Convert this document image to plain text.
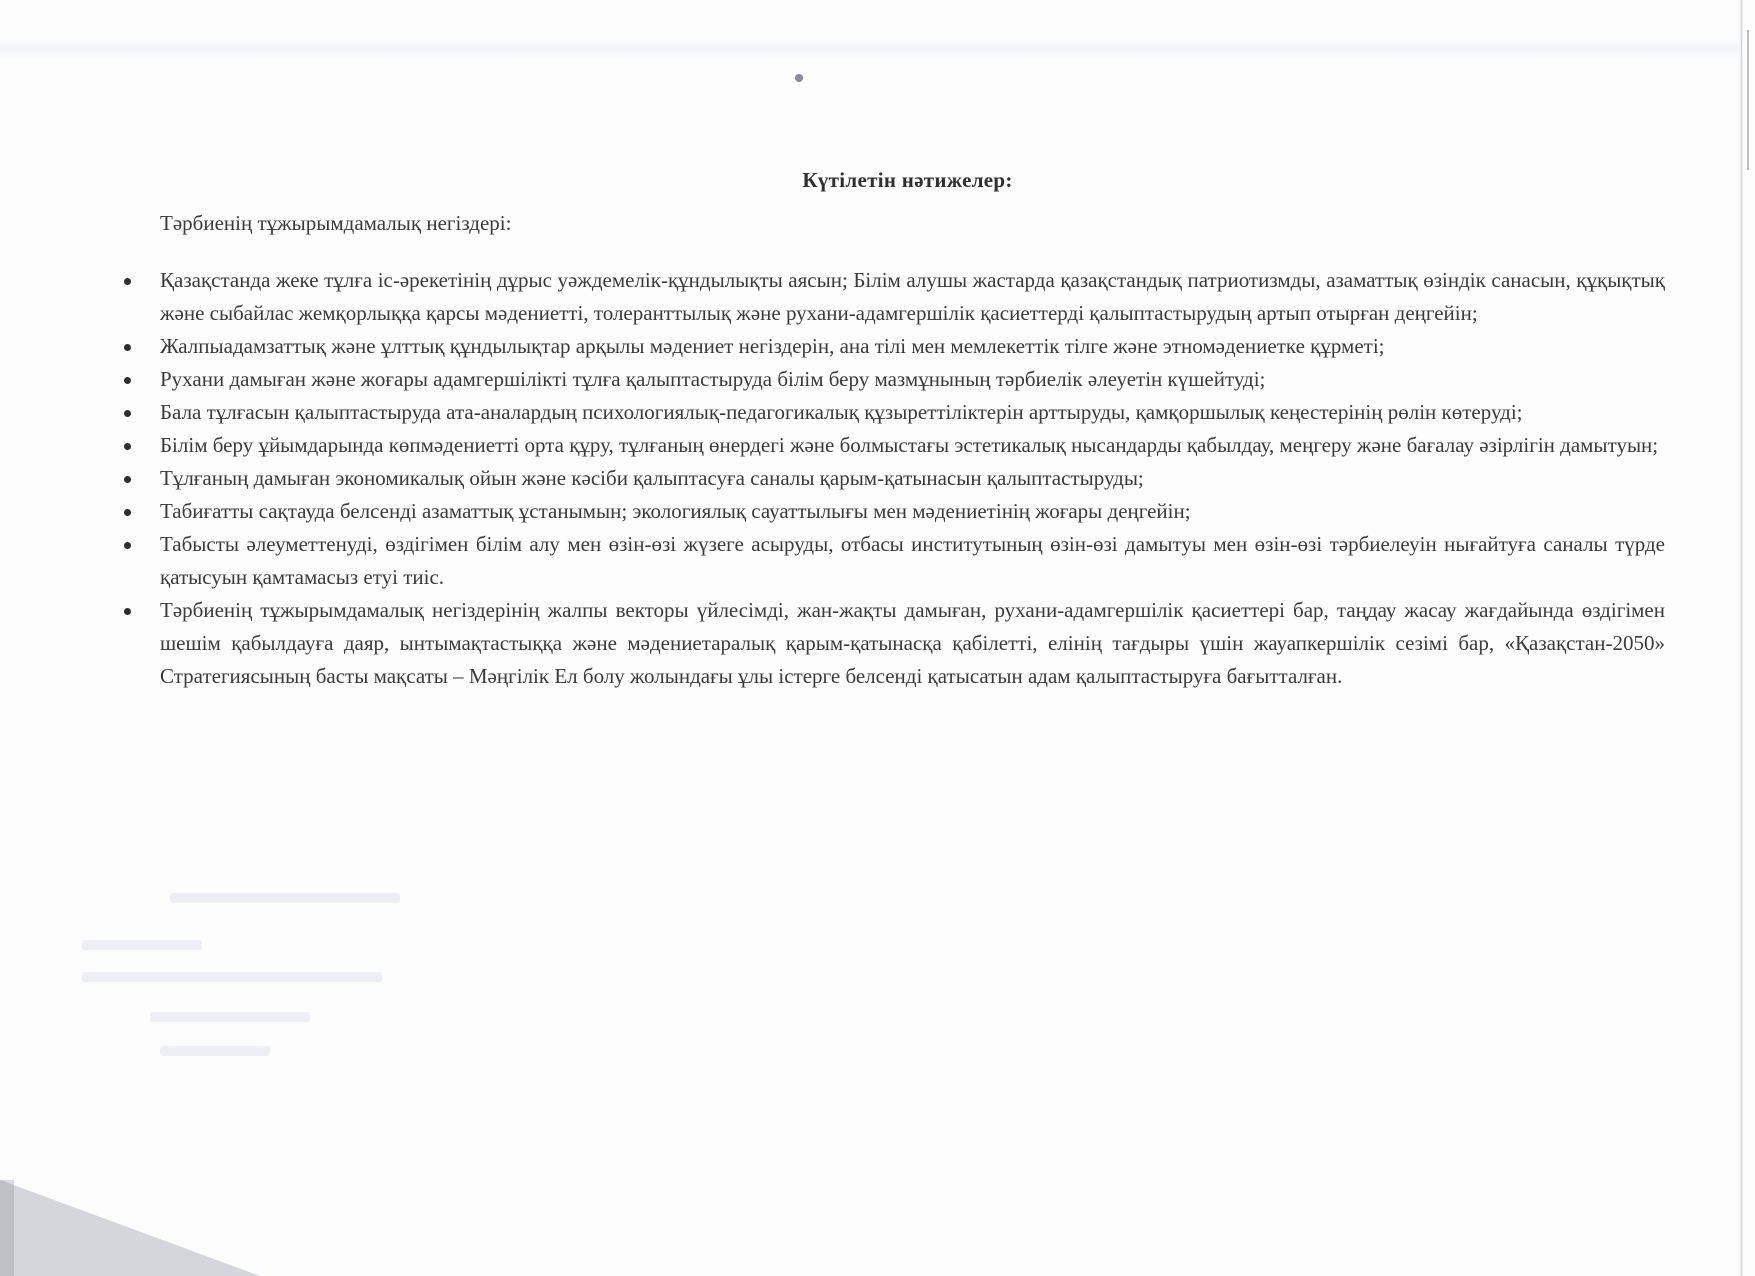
Күтілетін нәтижелер:
Тәрбиенің тұжырымдамалық негіздері:
Қазақстанда жеке тұлға іс-әрекетінің дұрыс уәждемелік-құндылықты аясын; Білім алушы жастарда қазақстандық патриотизмды, азаматтық өзіндік санасын, құқықтық және сыбайлас жемқорлыққа қарсы мәдениетті, толеранттылық және рухани-адамгершілік қасиеттерді қалыптастырудың артып отырған деңгейін;
Жалпыадамзаттық және ұлттық құндылықтар арқылы мәдениет негіздерін, ана тілі мен мемлекеттік тілге және этномәдениетке құрметі;
Рухани дамыған және жоғары адамгершілікті тұлға қалыптастыруда білім беру мазмұнының тәрбиелік әлеуетін күшейтуді;
Бала тұлғасын қалыптастыруда ата-аналардың психологиялық-педагогикалық құзыреттіліктерін арттыруды, қамқоршылық кеңестерінің рөлін көтеруді;
Білім беру ұйымдарында көпмәдениетті орта құру, тұлғаның өнердегі және болмыстағы эстетикалық нысандарды қабылдау, меңгеру және бағалау әзірлігін дамытуын;
Тұлғаның дамыған экономикалық ойын және кәсіби қалыптасуға саналы қарым-қатынасын қалыптастыруды;
Табиғатты сақтауда белсенді азаматтық ұстанымын; экологиялық сауаттылығы мен мәдениетінің жоғары деңгейін;
Табысты әлеуметтенуді, өздігімен білім алу мен өзін-өзі жүзеге асыруды, отбасы институтының өзін-өзі дамытуы мен өзін-өзі тәрбиелеуін нығайтуға саналы түрде қатысуын қамтамасыз етуі тиіс.
Тәрбиенің тұжырымдамалық негіздерінің жалпы векторы үйлесімді, жан-жақты дамыған, рухани-адамгершілік қасиеттері бар, таңдау жасау жағдайында өздігімен шешім қабылдауға даяр, ынтымақтастыққа және мәдениетаралық қарым-қатынасқа қабілетті, елінің тағдыры үшін жауапкершілік сезімі бар, «Қазақстан-2050» Стратегиясының басты мақсаты – Мәңгілік Ел болу жолындағы ұлы істерге белсенді қатысатын адам қалыптастыруға бағытталған.
